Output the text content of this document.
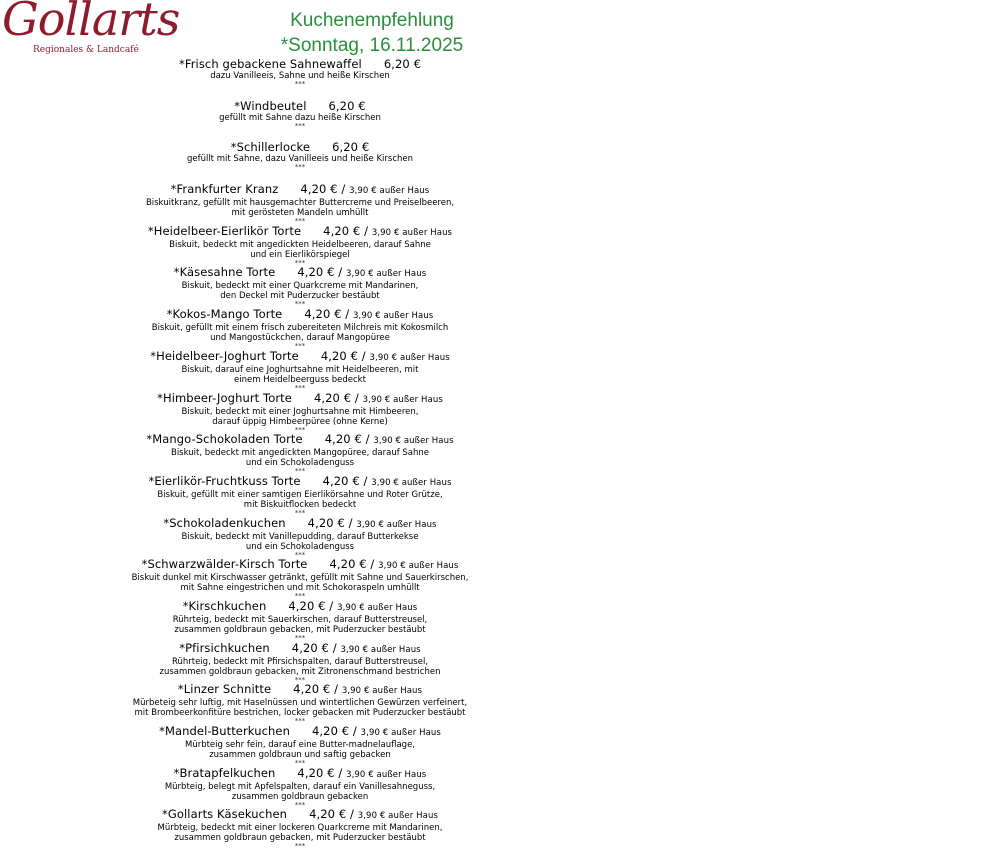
Gollarts
Regionales & Landcafé
Kuchenempfehlung
*Sonntag, 16.11.2025
*Frisch gebackene Sahnewaffel 6,20 €
dazu Vanilleeis, Sahne und heiße Kirschen
***
*Windbeutel 6,20 €
gefüllt mit Sahne dazu heiße Kirschen
***
*Schillerlocke 6,20 €
gefüllt mit Sahne, dazu Vanilleeis und heiße Kirschen
***
*Frankfurter Kranz 4,20 € / 3,90 € außer Haus
Biskuitkranz, gefüllt mit hausgemachter Buttercreme und Preiselbeeren,
mit gerösteten Mandeln umhüllt
***
*Heidelbeer-Eierlikör Torte 4,20 € / 3,90 € außer Haus
Biskuit, bedeckt mit angedickten Heidelbeeren, darauf Sahne
und ein Eierlikörspiegel
***
*Käsesahne Torte 4,20 € / 3,90 € außer Haus
Biskuit, bedeckt mit einer Quarkcreme mit Mandarinen,
den Deckel mit Puderzucker bestäubt
***
*Kokos-Mango Torte 4,20 € / 3,90 € außer Haus
Biskuit, gefüllt mit einem frisch zubereiteten Milchreis mit Kokosmilch
und Mangostückchen, darauf Mangopüree
***
*Heidelbeer-Joghurt Torte 4,20 € / 3,90 € außer Haus
Biskuit, darauf eine Joghurtsahne mit Heidelbeeren, mit
einem Heidelbeerguss bedeckt
***
*Himbeer-Joghurt Torte 4,20 € / 3,90 € außer Haus
Biskuit, bedeckt mit einer Joghurtsahne mit Himbeeren,
darauf üppig Himbeerpüree (ohne Kerne)
***
*Mango-Schokoladen Torte 4,20 € / 3,90 € außer Haus
Biskuit, bedeckt mit angedickten Mangopüree, darauf Sahne
und ein Schokoladenguss
***
*Eierlikör-Fruchtkuss Torte 4,20 € / 3,90 € außer Haus
Biskuit, gefüllt mit einer samtigen Eierlikörsahne und Roter Grütze,
mit Biskuitflocken bedeckt
***
*Schokoladenkuchen 4,20 € / 3,90 € außer Haus
Biskuit, bedeckt mit Vanillepudding, darauf Butterkekse
und ein Schokoladenguss
***
*Schwarzwälder-Kirsch Torte 4,20 € / 3,90 € außer Haus
Biskuit dunkel mit Kirschwasser getränkt, gefüllt mit Sahne und Sauerkirschen,
mit Sahne eingestrichen und mit Schokoraspeln umhüllt
***
*Kirschkuchen 4,20 € / 3,90 € außer Haus
Rührteig, bedeckt mit Sauerkirschen, darauf Butterstreusel,
zusammen goldbraun gebacken, mit Puderzucker bestäubt
***
*Pfirsichkuchen 4,20 € / 3,90 € außer Haus
Rührteig, bedeckt mit Pfirsichspalten, darauf Butterstreusel,
zusammen goldbraun gebacken, mit Zitronenschmand bestrichen
***
*Linzer Schnitte 4,20 € / 3,90 € außer Haus
Mürbeteig sehr luftig, mit Haselnüssen und wintertlichen Gewürzen verfeinert,
mit Brombeerkonfitüre bestrichen, locker gebacken mit Puderzucker bestäubt
***
*Mandel-Butterkuchen 4,20 € / 3,90 € außer Haus
Mürbteig sehr fein, darauf eine Butter-madnelauflage,
zusammen goldbraun und saftig gebacken
***
*Bratapfelkuchen 4,20 € / 3,90 € außer Haus
Mürbteig, belegt mit Apfelspalten, darauf ein Vanillesahneguss,
zusammen goldbraun gebacken
***
*Gollarts Käsekuchen 4,20 € / 3,90 € außer Haus
Mürbteig, bedeckt mit einer lockeren Quarkcreme mit Mandarinen,
zusammen goldbraun gebacken, mit Puderzucker bestäubt
***
